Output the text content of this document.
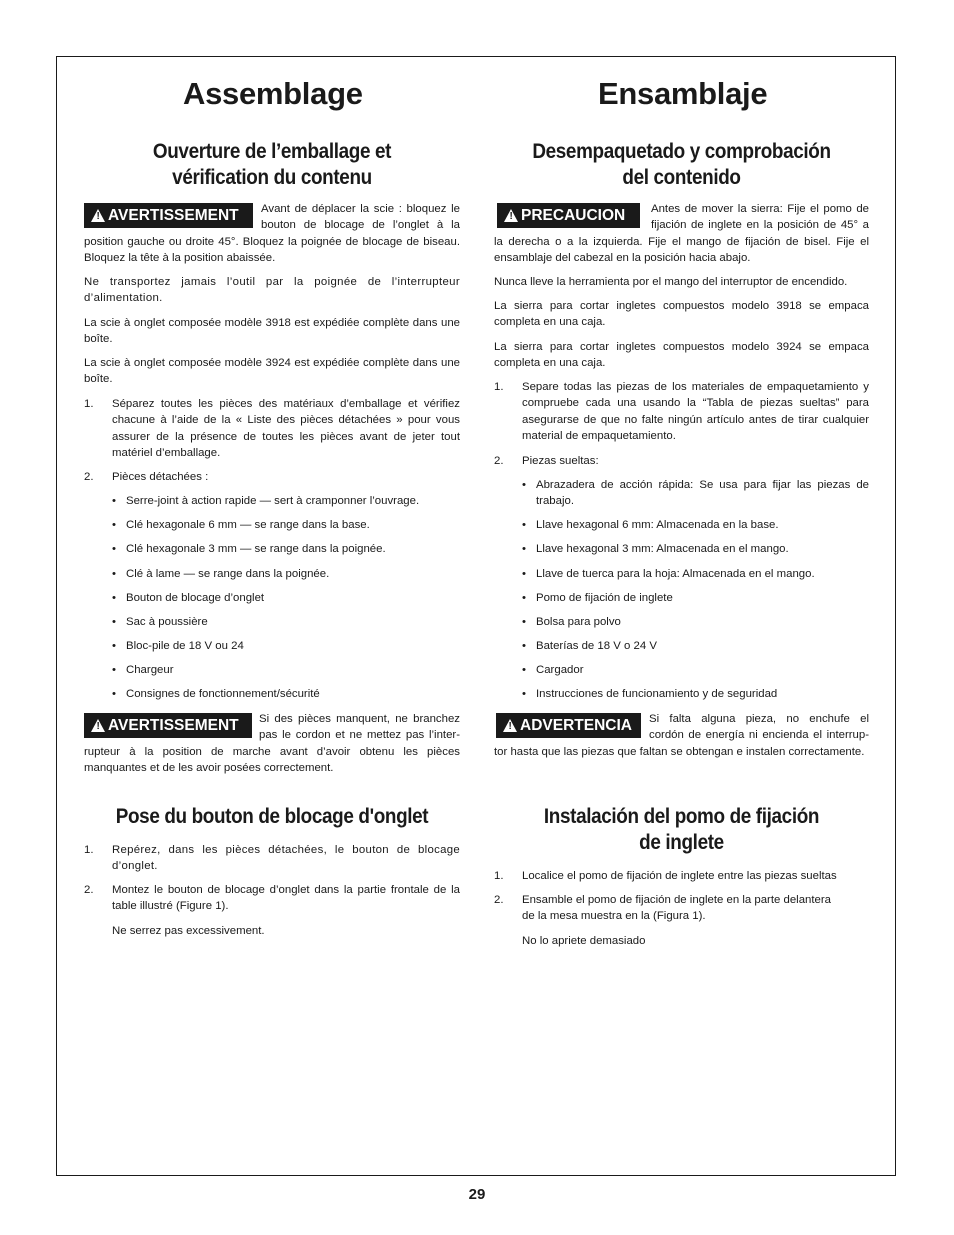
Assemblage
Ouverture de l’emballage et
vérification du contenu
! AVERTISSEMENT	Avant de déplacer la scie : bloquez le
bouton de blocage de l’onglet à la

position gauche ou droite 45°. Bloquez la poignée de blocage de biseau. Bloquez la tête à la position abaissée.

Ne transportez jamais l’outil par la poignée de l’interrupteur d’alimentation.

La scie à onglet composée modèle 3918 est expédiée complète dans une boîte.

La scie à onglet composée modèle 3924 est expédiée complète dans une boîte.

1. Séparez toutes les pièces des matériaux d’emballage et vérifiez chacune à l’aide de la « Liste des pièces détachées » pour vous assurer de la présence de toutes les pièces avant de jeter tout matériel d’emballage.

2. Pièces détachées :

• Serre-joint à action rapide — sert à cramponner l’ouvrage.
• Clé hexagonale 6 mm — se range dans la base.
• Clé hexagonale 3 mm — se range dans la poignée.
• Clé à lame — se range dans la poignée.
• Bouton de blocage d’onglet
• Sac à poussière
• Bloc-pile de 18 V ou 24
• Chargeur
• Consignes de fonctionnement/sécurité
! AVERTISSEMENT	Si des pièces manquent, ne branchez
pas le cordon et ne mettez pas l’inter-

rupteur à la position de marche avant d’avoir obtenu les pièces manquantes et de les avoir posées correctement.

Pose du bouton de blocage d'onglet
1. Repérez, dans les pièces détachées, le bouton de blocage d’onglet.

2. Montez le bouton de blocage d’onglet dans la partie frontale de la table illustré (Figure 1).

Ne serrez pas excessivement.

Ensamblaje
Desempaquetado y comprobación
del contenido
! PRECAUCION	Antes de mover la sierra: Fije el pomo de
fijación de inglete en la posición de 45° a

la derecha o a la izquierda. Fije el mango de fijación de bisel. Fije el ensamblaje del cabezal en la posición hacia abajo.

Nunca lleve la herramienta por el mango del interruptor de encendido.

La sierra para cortar ingletes compuestos modelo 3918 se empaca completa en una caja.

La sierra para cortar ingletes compuestos modelo 3924 se empaca completa en una caja.

1. Separe todas las piezas de los materiales de empaquetamiento y compruebe cada una usando la “Tabla de piezas sueltas” para asegurarse de que no falte ningún artículo antes de tirar cualquier material de empaquetamiento.

2. Piezas sueltas:

• Abrazadera de acción rápida: Se usa para fijar las piezas de trabajo.
• Llave hexagonal 6 mm: Almacenada en la base.
• Llave hexagonal 3 mm: Almacenada en el mango.
• Llave de tuerca para la hoja: Almacenada en el mango.
• Pomo de fijación de inglete
• Bolsa para polvo
• Baterías de 18 V o 24 V
• Cargador
• Instrucciones de funcionamiento y de seguridad
! ADVERTENCIA	Si falta alguna pieza, no enchufe el
cordón de energía ni encienda el interrup-

tor hasta que las piezas que faltan se obtengan e instalen correctamente.

Instalación del pomo de fijación
de inglete
1. Localice el pomo de fijación de inglete entre las piezas sueltas

2. Ensamble el pomo de fijación de inglete en la parte delantera de la mesa muestra en la (Figura 1).

No lo apriete demasiado

29
